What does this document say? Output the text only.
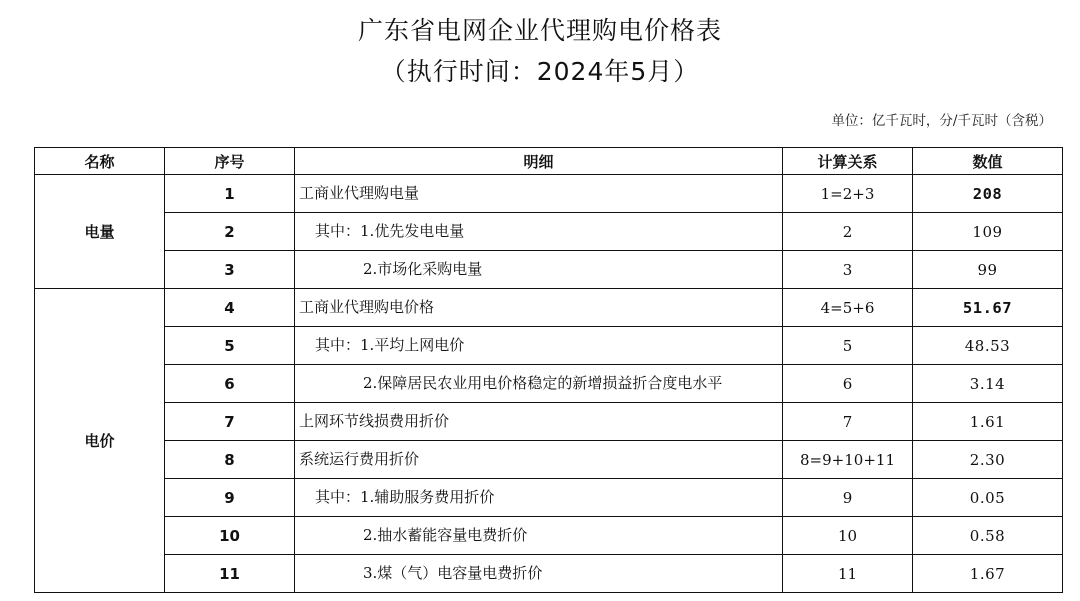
广东省电网企业代理购电价格表
（执行时间：2024年5月）
单位：亿千瓦时，分/千瓦时（含税）
名称	序号	明细	计算关系	数值
电量	1	工商业代理购电量	1=2+3	208
	2	其中：1.优先发电电量	2	109
	3	2.市场化采购电量	3	99
电价	4	工商业代理购电价格	4=5+6	51.67
	5	其中：1.平均上网电价	5	48.53
	6	2.保障居民农业用电价格稳定的新增损益折合度电水平	6	3.14
	7	上网环节线损费用折价	7	1.61
	8	系统运行费用折价	8=9+10+11	2.30
	9	其中：1.辅助服务费用折价	9	0.05
	10	2.抽水蓄能容量电费折价	10	0.58
	11	3.煤（气）电容量电费折价	11	1.67
